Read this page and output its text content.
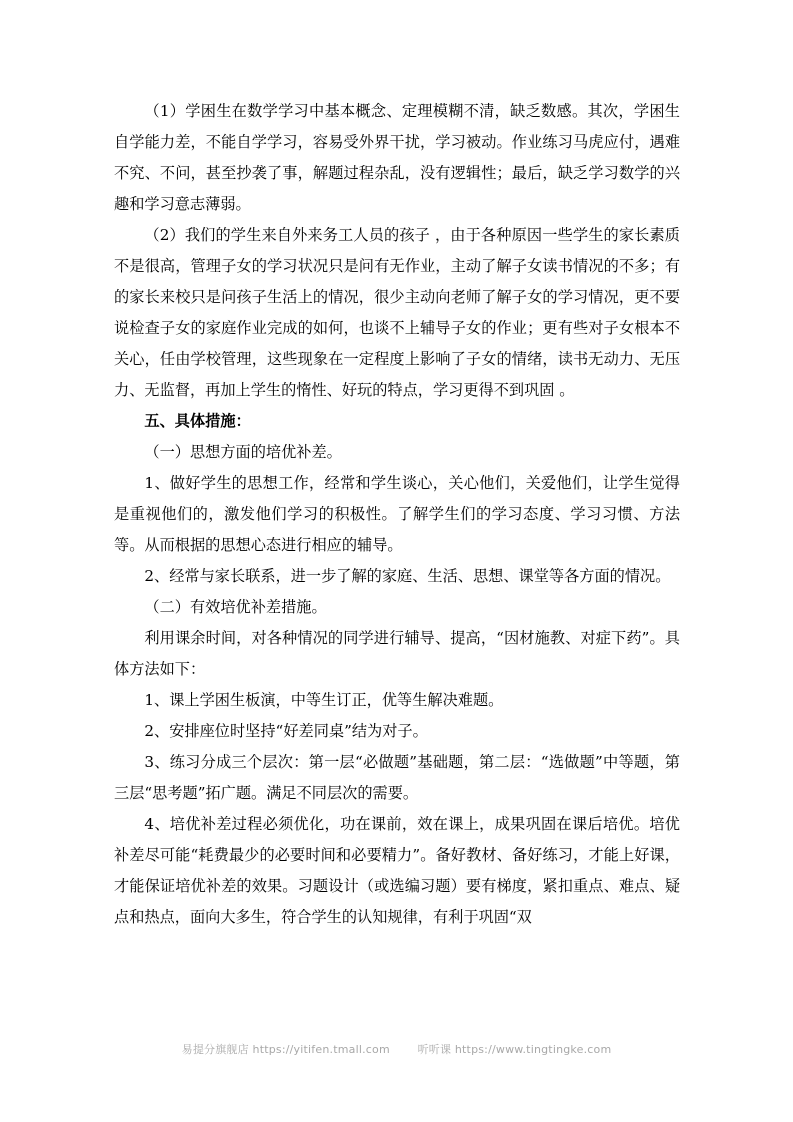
（1）学困生在数学学习中基本概念、定理模糊不清，缺乏数感。其次，学困生自学能力差，不能自学学习，容易受外界干扰，学习被动。作业练习马虎应付，遇难不究、不问，甚至抄袭了事，解题过程杂乱，没有逻辑性；最后，缺乏学习数学的兴趣和学习意志薄弱。

（2）我们的学生来自外来务工人员的孩子 ，由于各种原因一些学生的家长素质不是很高，管理子女的学习状况只是问有无作业，主动了解子女读书情况的不多；有的家长来校只是问孩子生活上的情况，很少主动向老师了解子女的学习情况，更不要说检查子女的家庭作业完成的如何，也谈不上辅导子女的作业；更有些对子女根本不关心，任由学校管理，这些现象在一定程度上影响了子女的情绪，读书无动力、无压力、无监督，再加上学生的惰性、好玩的特点，学习更得不到巩固 。

五、具体措施：

（一）思想方面的培优补差。

1、做好学生的思想工作，经常和学生谈心，关心他们，关爱他们，让学生觉得是重视他们的，激发他们学习的积极性。了解学生们的学习态度、学习习惯、方法等。从而根据的思想心态进行相应的辅导。

2、经常与家长联系，进一步了解的家庭、生活、思想、课堂等各方面的情况。

（二）有效培优补差措施。

利用课余时间，对各种情况的同学进行辅导、提高，“因材施教、对症下药”。具体方法如下：

1、课上学困生板演，中等生订正，优等生解决难题。

2、安排座位时坚持“好差同桌”结为对子。

3、练习分成三个层次：第一层“必做题”基础题，第二层：“选做题”中等题，第三层“思考题”拓广题。满足不同层次的需要。

4、培优补差过程必须优化，功在课前，效在课上，成果巩固在课后培优。培优补差尽可能“耗费最少的必要时间和必要精力”。备好教材、备好练习，才能上好课，才能保证培优补差的效果。习题设计（或选编习题）要有梯度，紧扣重点、难点、疑点和热点，面向大多生，符合学生的认知规律，有利于巩固“双

易提分旗舰店 https://yitifen.tmall.com	听听课 https://www.tingtingke.com
